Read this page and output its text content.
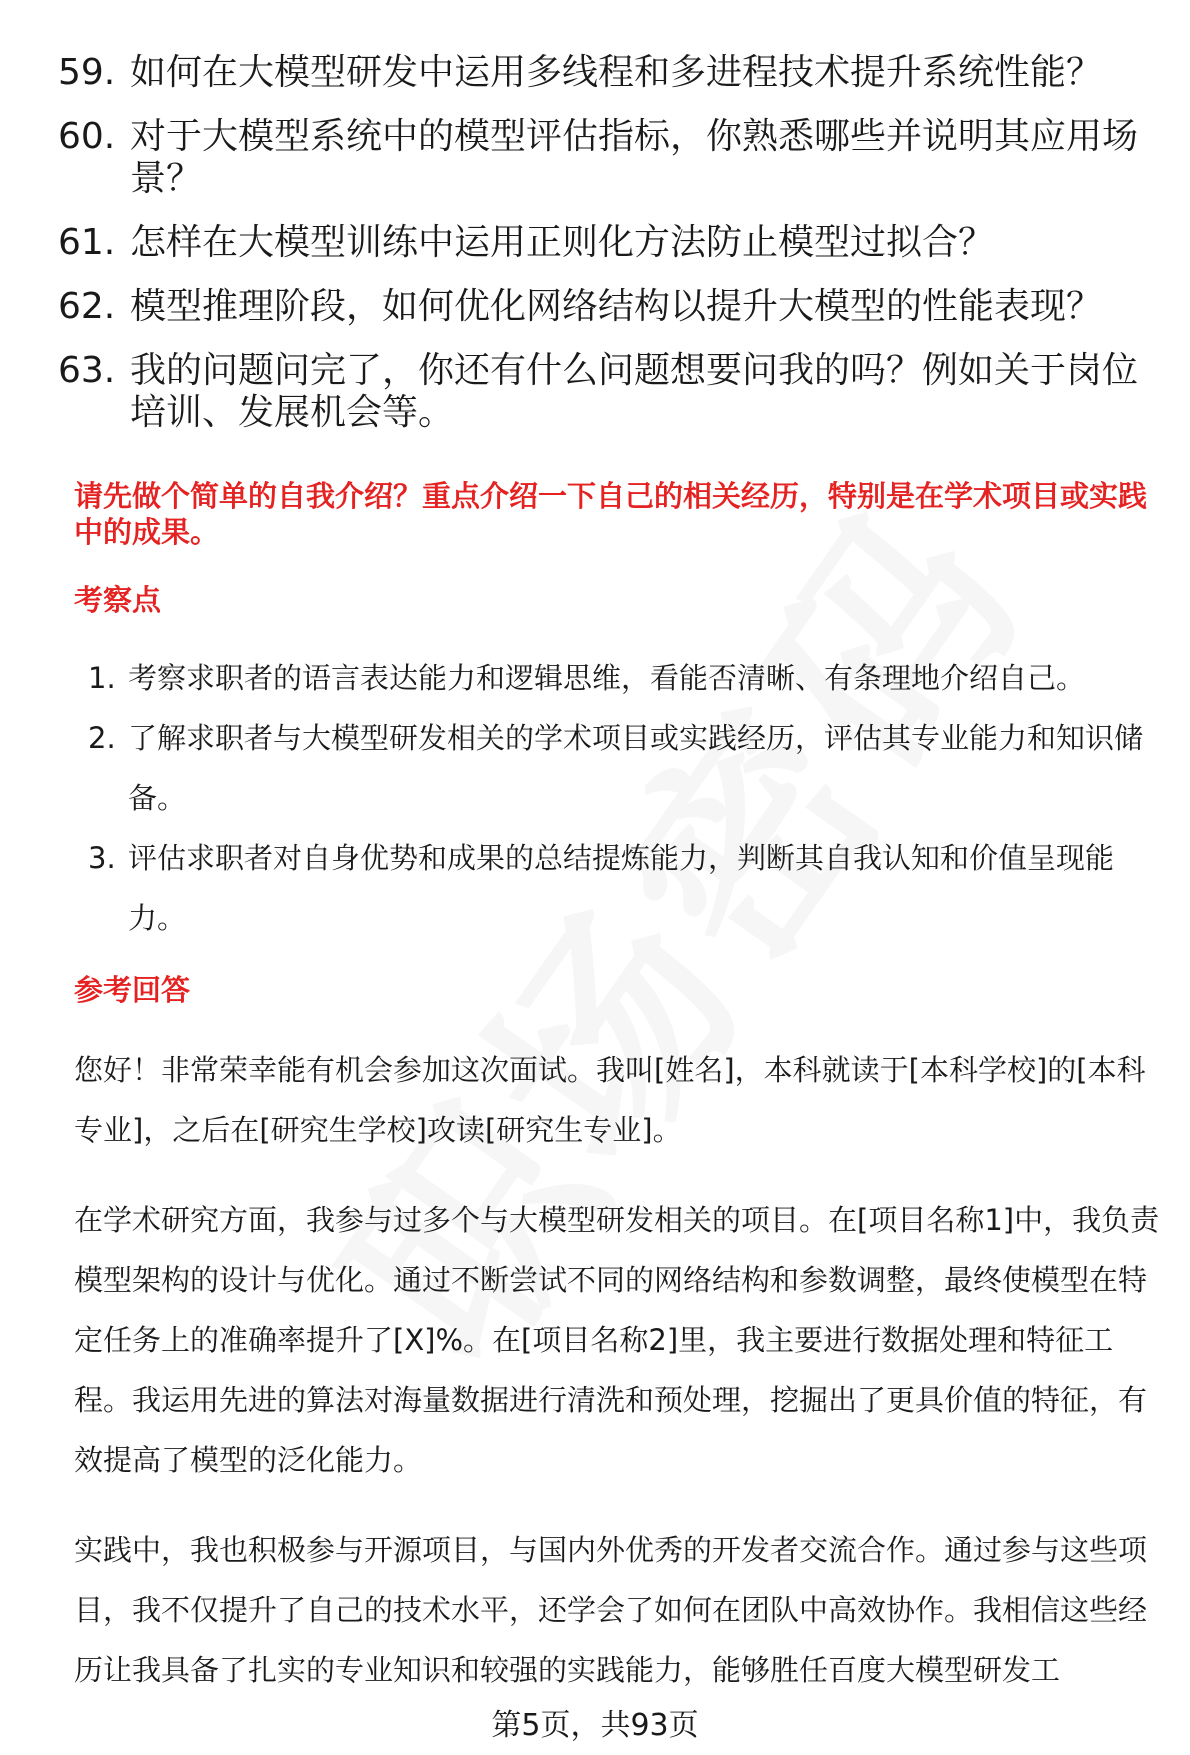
59. 如何在大模型研发中运用多线程和多进程技术提升系统性能？
60. 对于大模型系统中的模型评估指标，你熟悉哪些并说明其应用场景？
61. 怎样在大模型训练中运用正则化方法防止模型过拟合？
62. 模型推理阶段，如何优化网络结构以提升大模型的性能表现？
63. 我的问题问完了，你还有什么问题想要问我的吗？例如关于岗位培训、发展机会等。
请先做个简单的自我介绍？重点介绍一下自己的相关经历，特别是在学术项目或实践中的成果。
考察点
1. 考察求职者的语言表达能力和逻辑思维，看能否清晰、有条理地介绍自己。
2. 了解求职者与大模型研发相关的学术项目或实践经历，评估其专业能力和知识储备。
3. 评估求职者对自身优势和成果的总结提炼能力，判断其自我认知和价值呈现能力。
参考回答
您好！非常荣幸能有机会参加这次面试。我叫[姓名]，本科就读于[本科学校]的[本科专业]，之后在[研究生学校]攻读[研究生专业]。
在学术研究方面，我参与过多个与大模型研发相关的项目。在[项目名称1]中，我负责模型架构的设计与优化。通过不断尝试不同的网络结构和参数调整，最终使模型在特定任务上的准确率提升了[X]%。在[项目名称2]里，我主要进行数据处理和特征工程。我运用先进的算法对海量数据进行清洗和预处理，挖掘出了更具价值的特征，有效提高了模型的泛化能力。
实践中，我也积极参与开源项目，与国内外优秀的开发者交流合作。通过参与这些项目，我不仅提升了自己的技术水平，还学会了如何在团队中高效协作。我相信这些经历让我具备了扎实的专业知识和较强的实践能力，能够胜任百度大模型研发工
第5页，共93页
